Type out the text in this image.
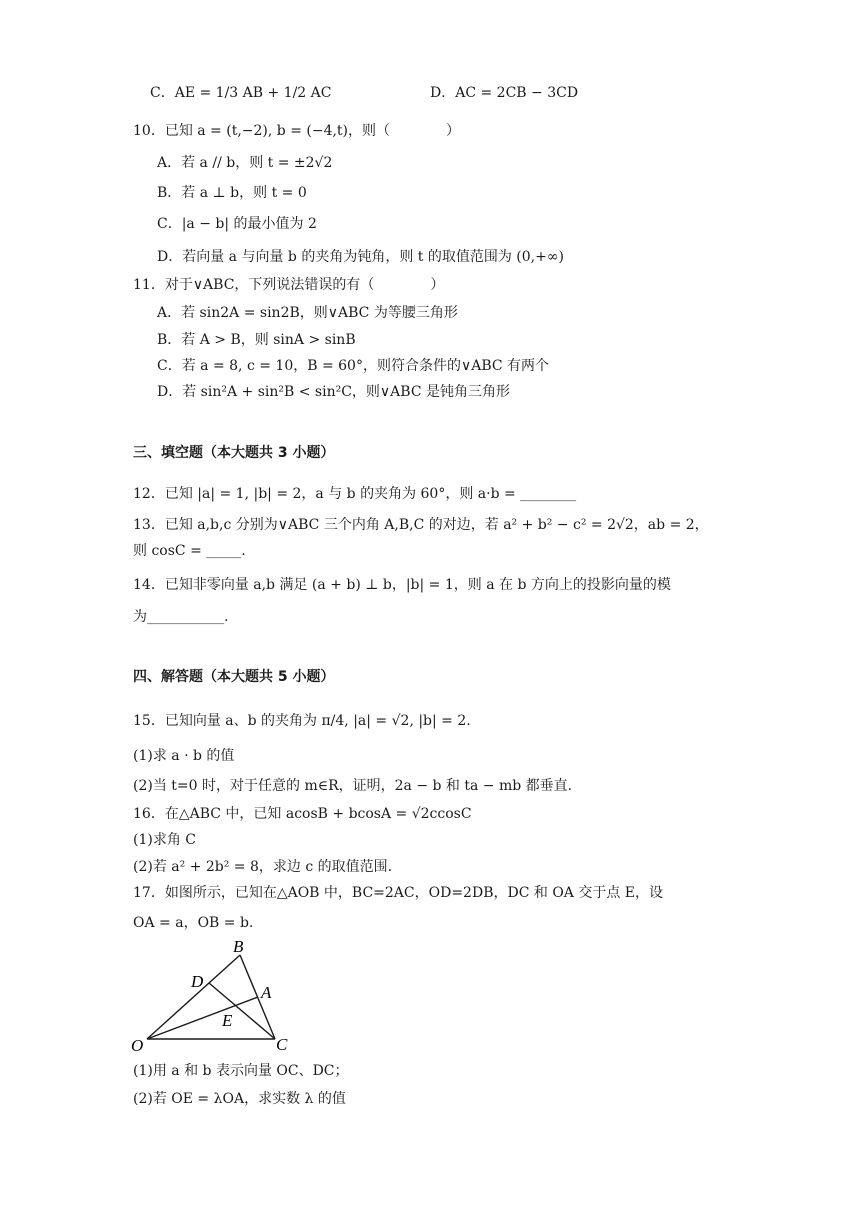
C．AE = 1/3 AB + 1/2 AC	D．AC = 2CB − 3CD
10．已知 a = (t,−2), b = (−4,t)，则（　　　　）
A．若 a // b，则 t = ±2√2
B．若 a ⊥ b，则 t = 0
C．|a − b| 的最小值为 2
D．若向量 a 与向量 b 的夹角为钝角，则 t 的取值范围为 (0,+∞)
11．对于∨ABC，下列说法错误的有（　　　　）
A．若 sin2A = sin2B，则∨ABC 为等腰三角形
B．若 A > B，则 sinA > sinB
C．若 a = 8, c = 10，B = 60°，则符合条件的∨ABC 有两个
D．若 sin²A + sin²B < sin²C，则∨ABC 是钝角三角形
三、填空题（本大题共 3 小题）
12．已知 |a| = 1, |b| = 2，a 与 b 的夹角为 60°，则 a·b = ________
13．已知 a,b,c 分别为∨ABC 三个内角 A,B,C 的对边，若 a² + b² − c² = 2√2，ab = 2，
则 cosC = _____.
14．已知非零向量 a,b 满足 (a + b) ⊥ b，|b| = 1，则 a 在 b 方向上的投影向量的模
为___________.
四、解答题（本大题共 5 小题）
15．已知向量 a、b 的夹角为 π/4, |a| = √2, |b| = 2.
(1)求 a · b 的值
(2)当 t=0 时，对于任意的 m∈R，证明，2a − b 和 ta − mb 都垂直.
16．在△ABC 中，已知 acosB + bcosA = √2ccosC
(1)求角 C
(2)若 a² + 2b² = 8，求边 c 的取值范围.
17．如图所示，已知在△AOB 中，BC=2AC，OD=2DB，DC 和 OA 交于点 E，设
OA = a，OB = b.
B
D
A
E
O	C
(1)用 a 和 b 表示向量 OC、DC；
(2)若 OE = λOA，求实数 λ 的值
